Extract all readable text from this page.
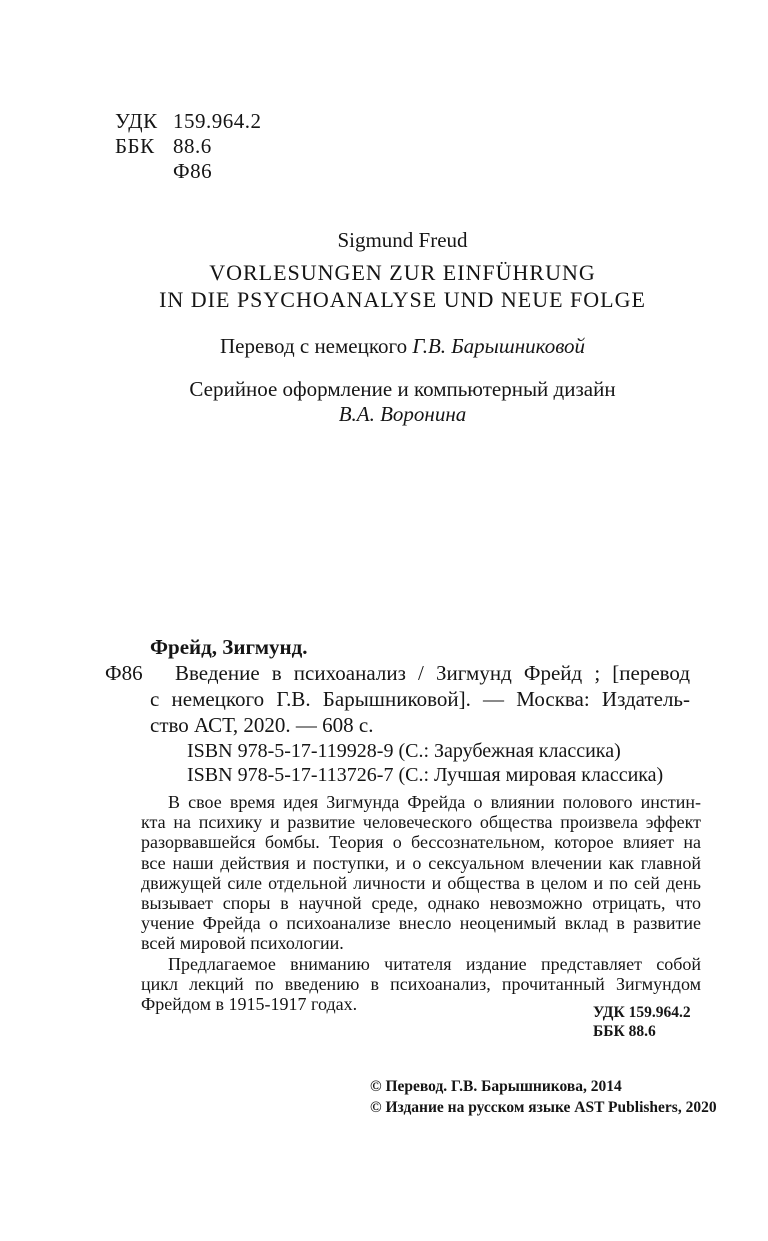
УДК 159.964.2
ББК 88.6
Ф86
Sigmund Freud
VORLESUNGEN ZUR EINFÜHRUNG
IN DIE PSYCHOANALYSE UND NEUE FOLGE
Перевод с немецкого Г.В. Барышниковой
Серийное оформление и компьютерный дизайн
В.А. Воронина
Ф86
Фрейд, Зигмунд.
Введение в психоанализ / Зигмунд Фрейд ; [перевод
с немецкого Г.В. Барышниковой]. — Москва: Издатель-
ство АСТ, 2020. — 608 с.
ISBN 978-5-17-119928-9 (С.: Зарубежная классика)
ISBN 978-5-17-113726-7 (С.: Лучшая мировая классика)
В свое время идея Зигмунда Фрейда о влиянии полового инстин-
кта на психику и развитие человеческого общества произвела эффект
разорвавшейся бомбы. Теория о бессознательном, которое влияет на
все наши действия и поступки, и о сексуальном влечении как главной
движущей силе отдельной личности и общества в целом и по сей день
вызывает споры в научной среде, однако невозможно отрицать, что
учение Фрейда о психоанализе внесло неоценимый вклад в развитие
всей мировой психологии.
Предлагаемое вниманию читателя издание представляет собой
цикл лекций по введению в психоанализ, прочитанный Зигмундом
Фрейдом в 1915-1917 годах.	УДК 159.964.2
ББК 88.6
© Перевод. Г.В. Барышникова, 2014
© Издание на русском языке AST Publishers, 2020
